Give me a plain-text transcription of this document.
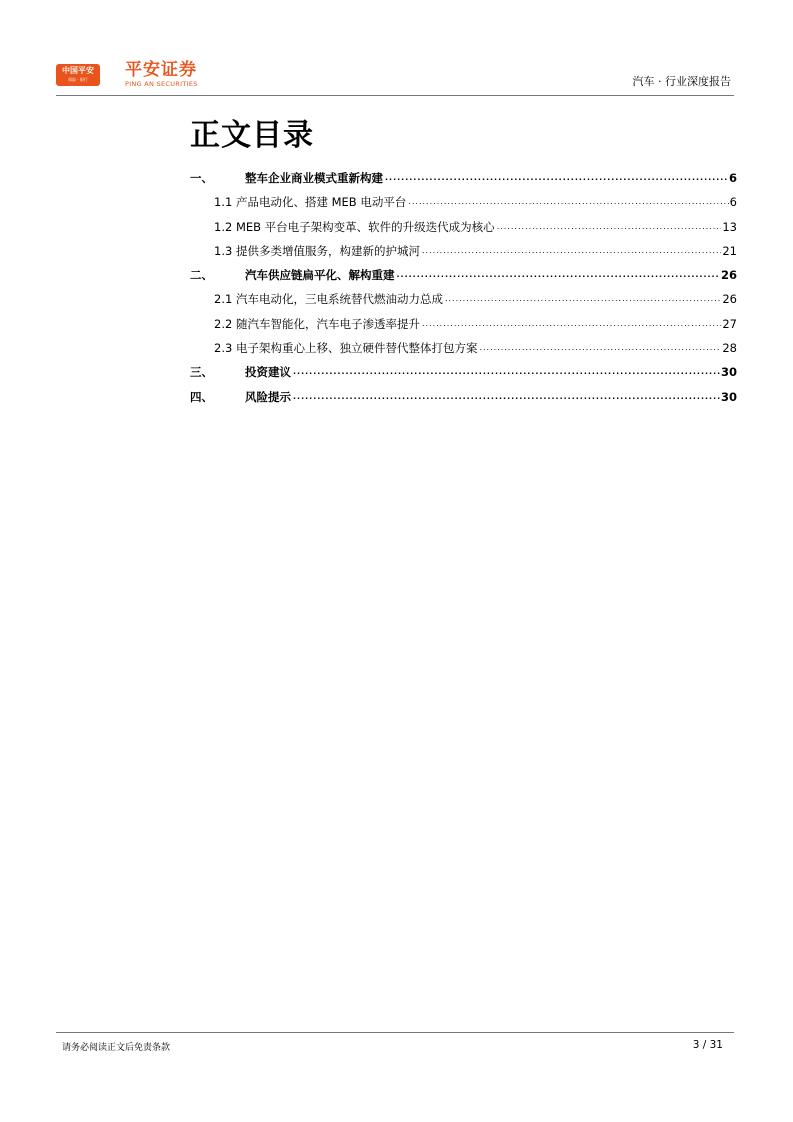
中国平安
保险 · 银行	平安证券
PING AN SECURITIES	汽车 · 行业深度报告
正文目录
一、	整车企业商业模式重新构建 .....	6
1.1 产品电动化、搭建 MEB 电动平台 .....	6
1.2 MEB 平台电子架构变革、软件的升级迭代成为核心 .....	13
1.3 提供多类增值服务，构建新的护城河 .....	21
二、	汽车供应链扁平化、解构重建 .....	26
2.1 汽车电动化，三电系统替代燃油动力总成 .....	26
2.2 随汽车智能化，汽车电子渗透率提升 .....	27
2.3 电子架构重心上移、独立硬件替代整体打包方案 .....	28
三、	投资建议 .....	30
四、	风险提示 .....	30
请务必阅读正文后免责条款	3 / 31
